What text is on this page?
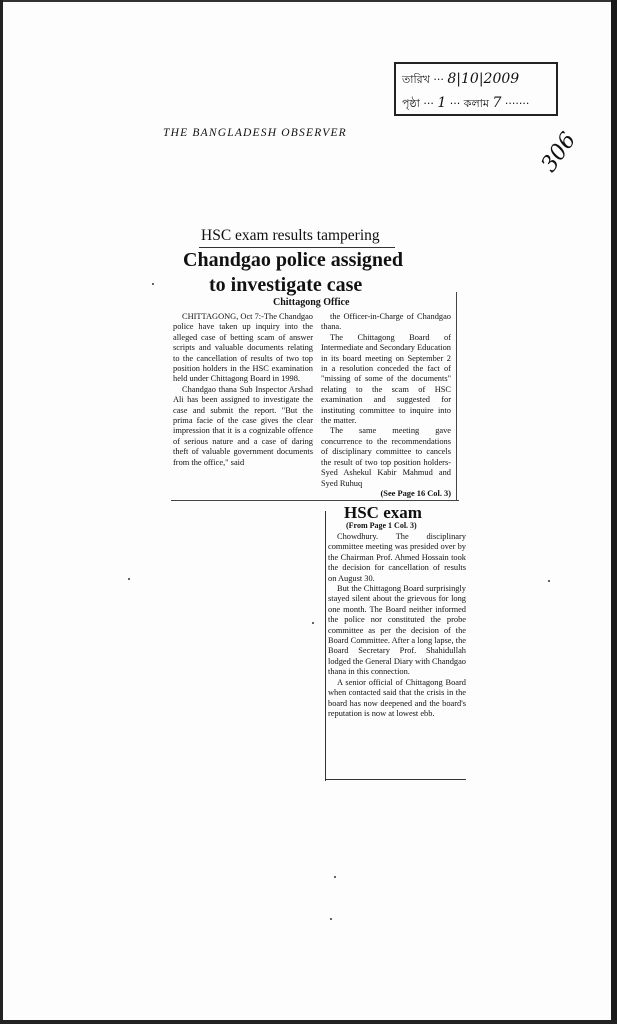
তারিখ ··· 8|10|2009
পৃষ্ঠা ··· 1 ··· কলাম 7 ·······
THE BANGLADESH OBSERVER	306
HSC exam results tampering
Chandgao police assigned
to investigate case
Chittagong Office

CHITTAGONG, Oct 7:-The Chandgao police have taken up inquiry into the alleged case of betting scam of answer scripts and valuable documents relating to the cancellation of results of two top position holders in the HSC examination held under Chittagong Board in 1998.

Chandgao thana Sub Inspector Arshad Ali has been assigned to investigate the case and submit the report. "But the prima facie of the case gives the clear impression that it is a cognizable offence of serious nature and a case of daring theft of valuable government documents from the office," said

the Officer-in-Charge of Chandgao thana.

The Chittagong Board of Intermediate and Secondary Education in its board meeting on September 2 in a resolution conceded the fact of "missing of some of the documents" relating to the scam of HSC examination and suggested for instituting committee to inquire into the matter.

The same meeting gave concurrence to the recommendations of disciplinary committee to cancels the result of two top position holders-Syed Ashekul Kabir Mahmud and Syed Ruhuq

(See Page 16 Col. 3)
HSC exam
(From Page 1 Col. 3)

Chowdhury. The disciplinary committee meeting was presided over by the Chairman Prof. Ahmed Hossain took the decision for cancellation of results on August 30.

But the Chittagong Board surprisingly stayed silent about the grievous for long one month. The Board neither informed the police nor constituted the probe committee as per the decision of the Board Committee. After a long lapse, the Board Secretary Prof. Shahidullah lodged the General Diary with Chandgao thana in this connection.

A senior official of Chittagong Board when contacted said that the crisis in the board has now deepened and the board's reputation is now at lowest ebb.
